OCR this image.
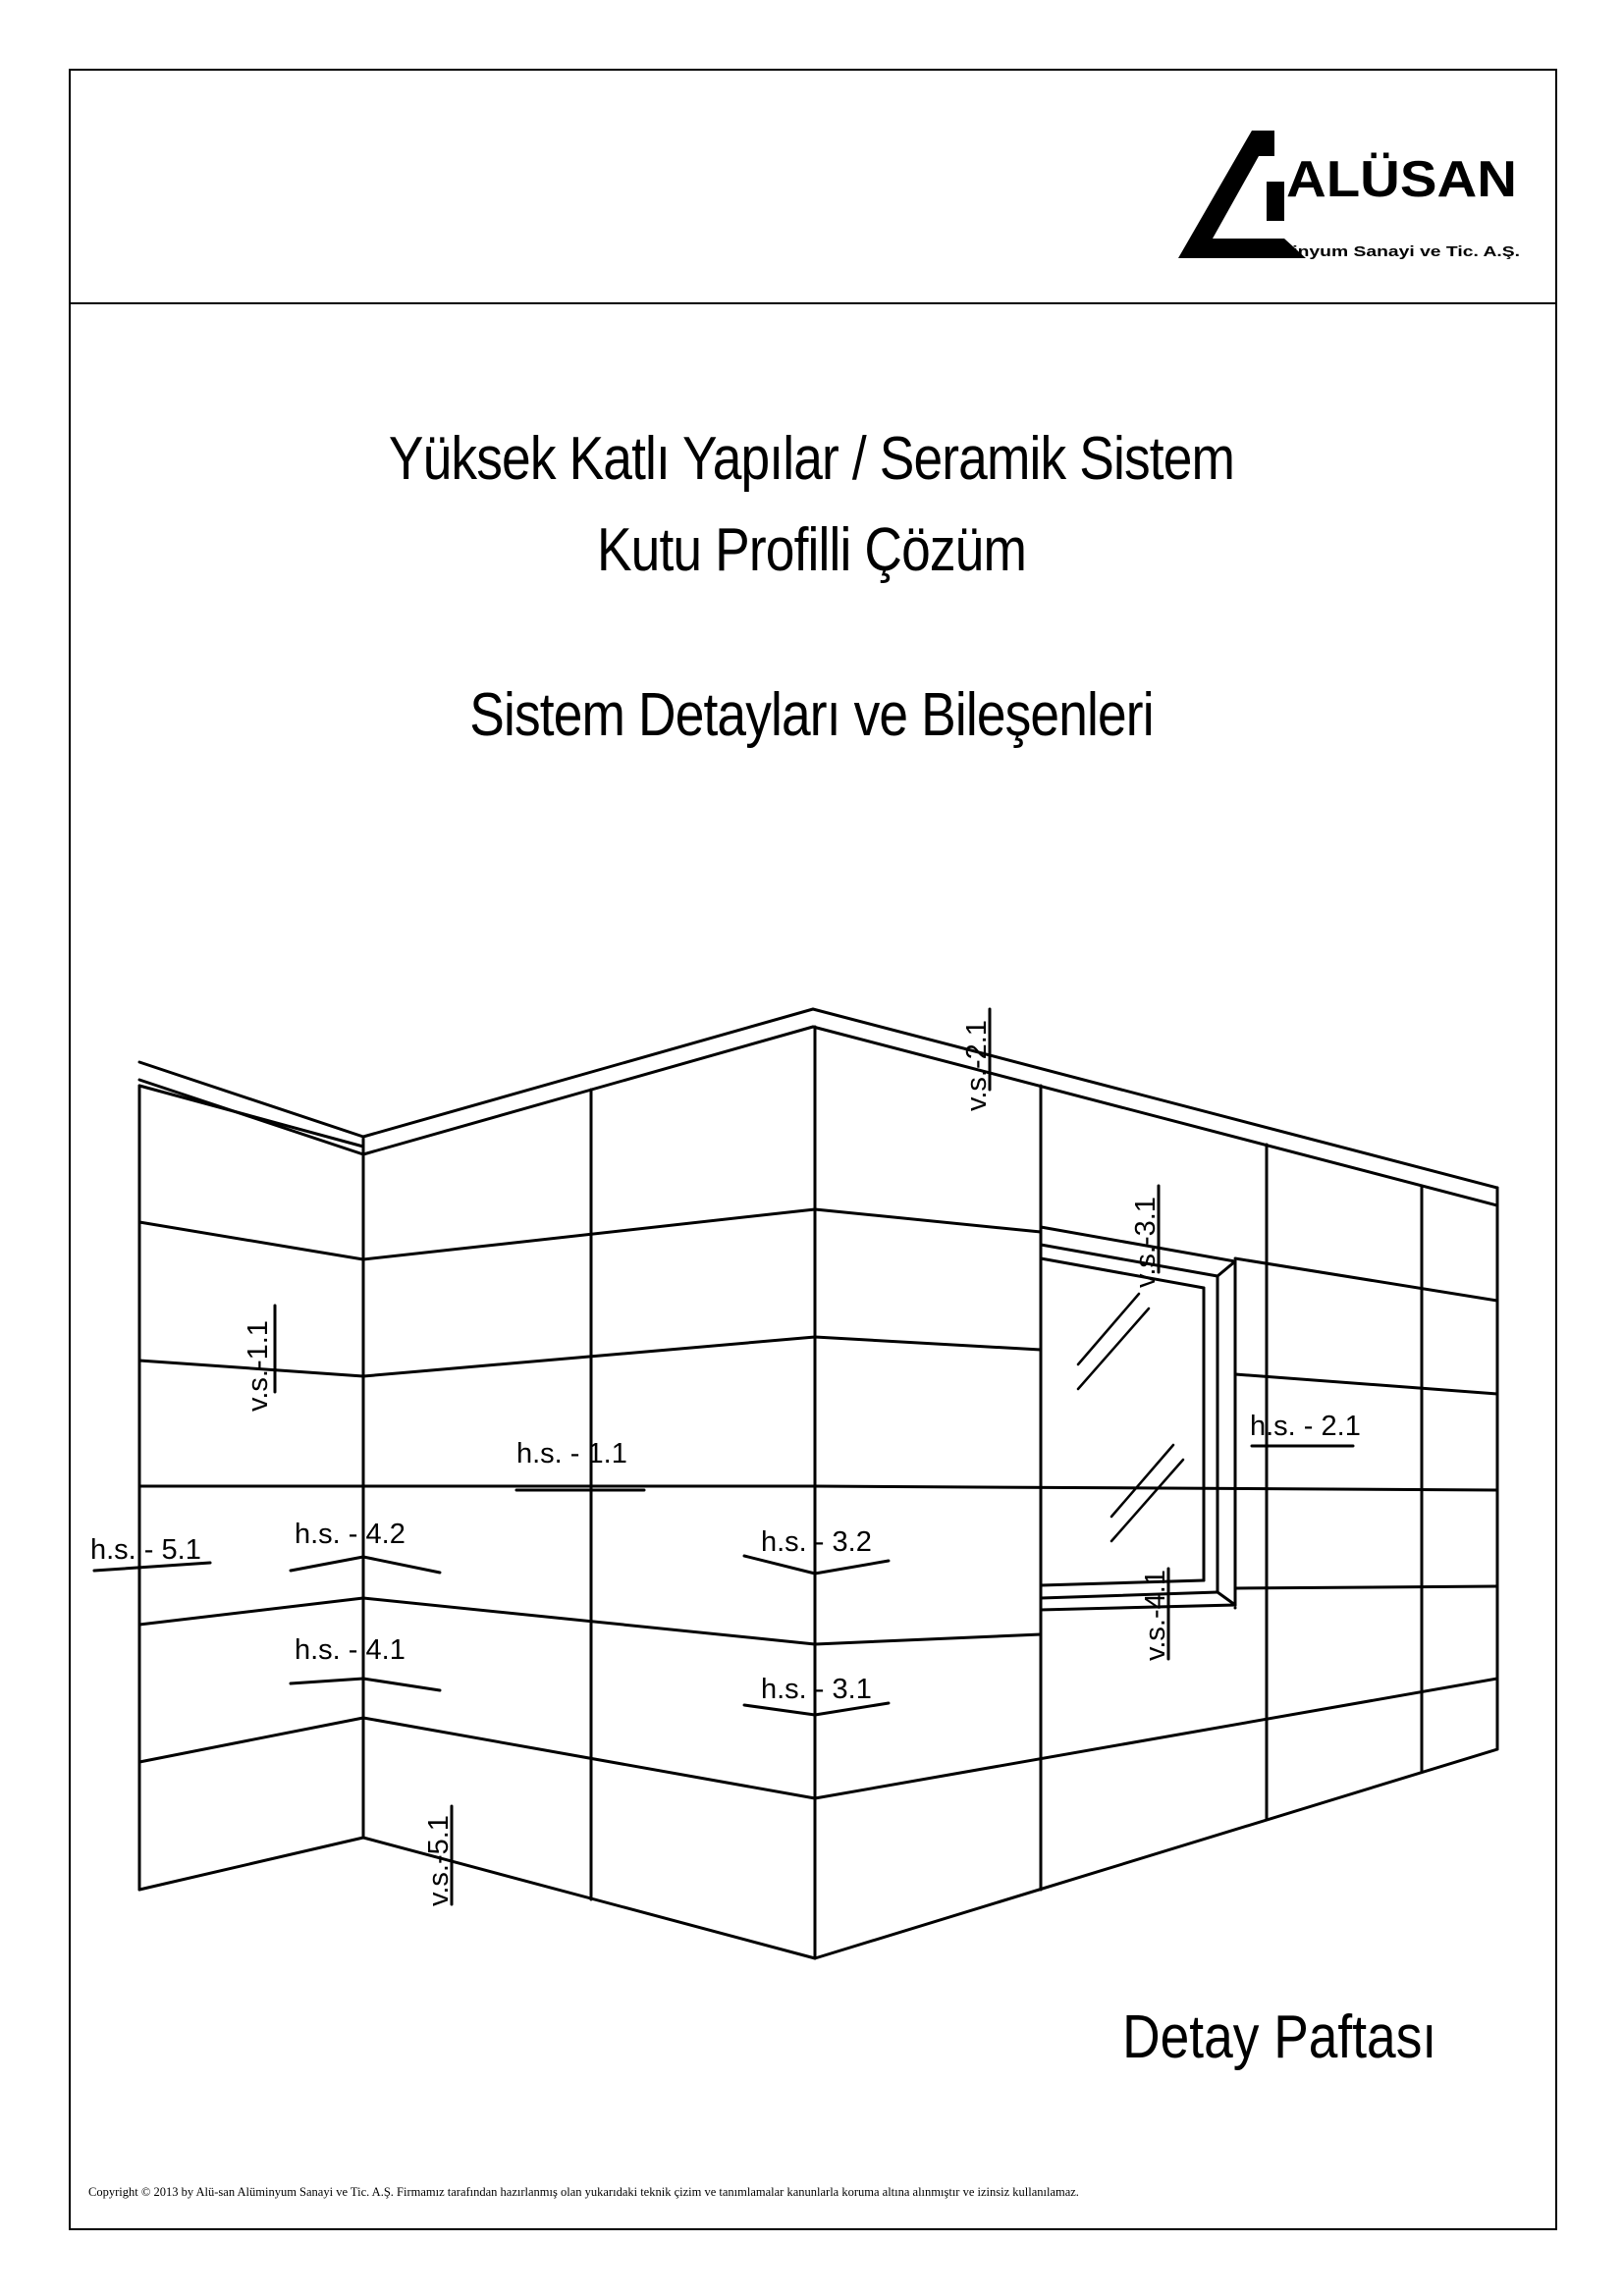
ALÜSAN
Alüminyum Sanayi ve Tic. A.Ş.
Yüksek Katlı Yapılar / Seramik Sistem
Kutu Profilli Çözüm
Sistem Detayları ve Bileşenleri
v.s.-1.1
v.s.-2.1
v.s.-3.1
v.s.-4.1
v.s.-5.1
h.s. - 1.1
h.s. - 2.1
h.s. - 3.2
h.s. - 3.1
h.s. - 4.2
h.s. - 4.1
h.s. - 5.1
Detay Paftası
Copyright © 2013 by Alü-san Alüminyum Sanayi ve Tic. A.Ş. Firmamız tarafından hazırlanmış olan yukarıdaki teknik çizim ve tanımlamalar kanunlarla koruma altına alınmıştır ve izinsiz kullanılamaz.
